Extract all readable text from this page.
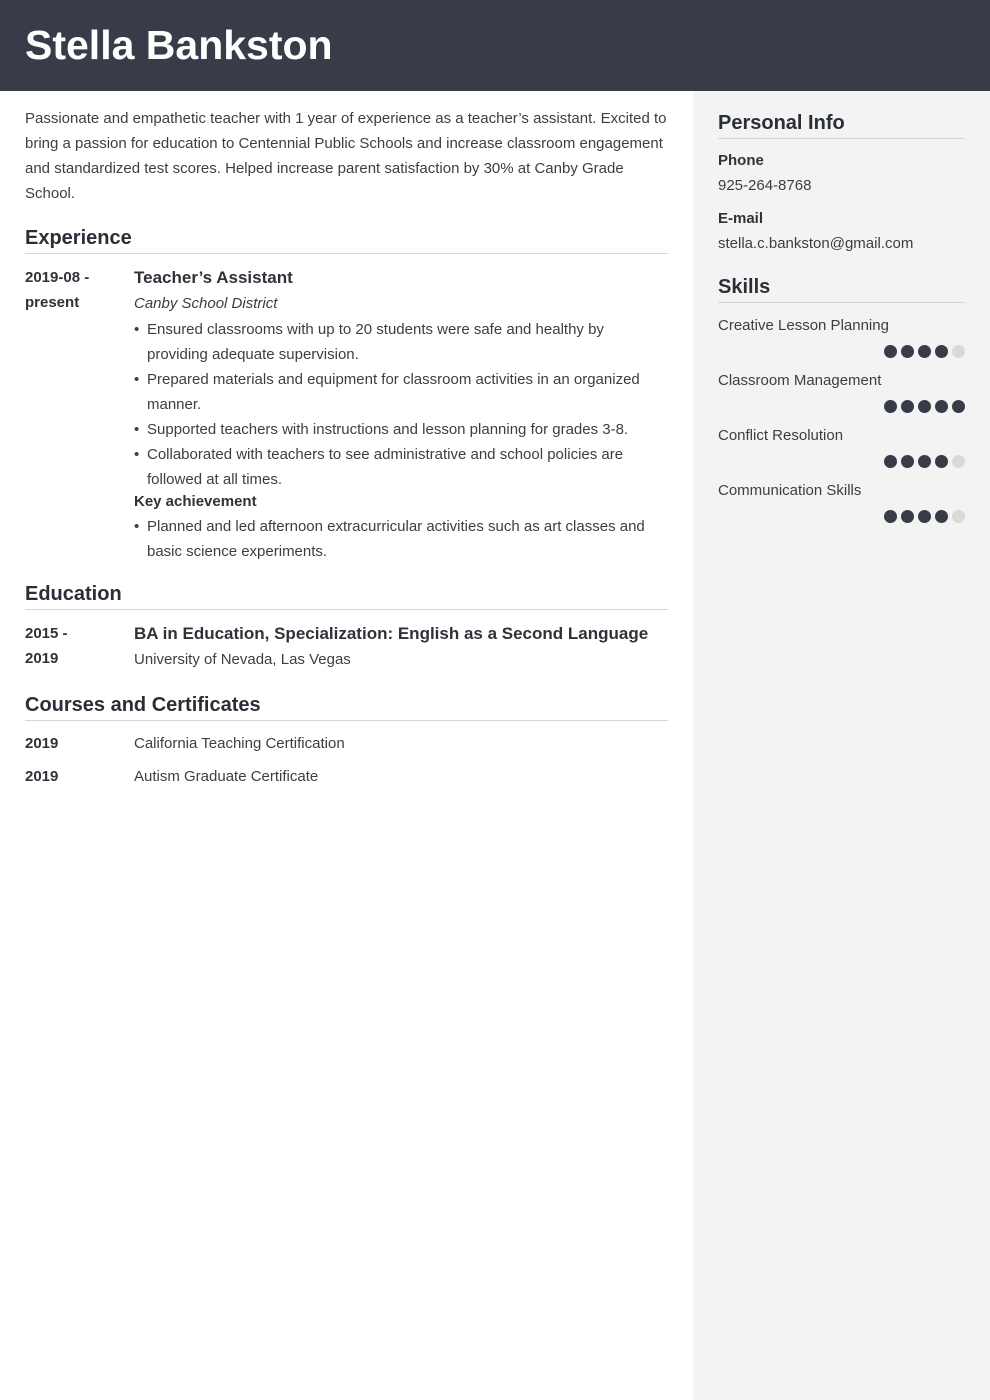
Stella Bankston

Passionate and empathetic teacher with 1 year of experience as a teacher’s assistant. Excited to bring a passion for education to Centennial Public Schools and increase classroom engagement and standardized test scores. Helped increase parent satisfaction by 30% at Canby Grade School.

Experience
2019-08 -
present
Teacher’s Assistant
Canby School District
• Ensured classrooms with up to 20 students were safe and healthy by providing adequate supervision.
• Prepared materials and equipment for classroom activities in an organized manner.
• Supported teachers with instructions and lesson planning for grades 3-8.
• Collaborated with teachers to see administrative and school policies are followed at all times.
Key achievement
• Planned and led afternoon extracurricular activities such as art classes and basic science experiments.
Education
2015 -
2019
BA in Education, Specialization: English as a Second Language
University of Nevada, Las Vegas
Courses and Certificates
2019	California Teaching Certification
2019	Autism Graduate Certificate
Personal Info
Phone
925-264-8768
E-mail
stella.c.bankston@gmail.com
Skills
Creative Lesson Planning
Classroom Management
Conflict Resolution
Communication Skills
